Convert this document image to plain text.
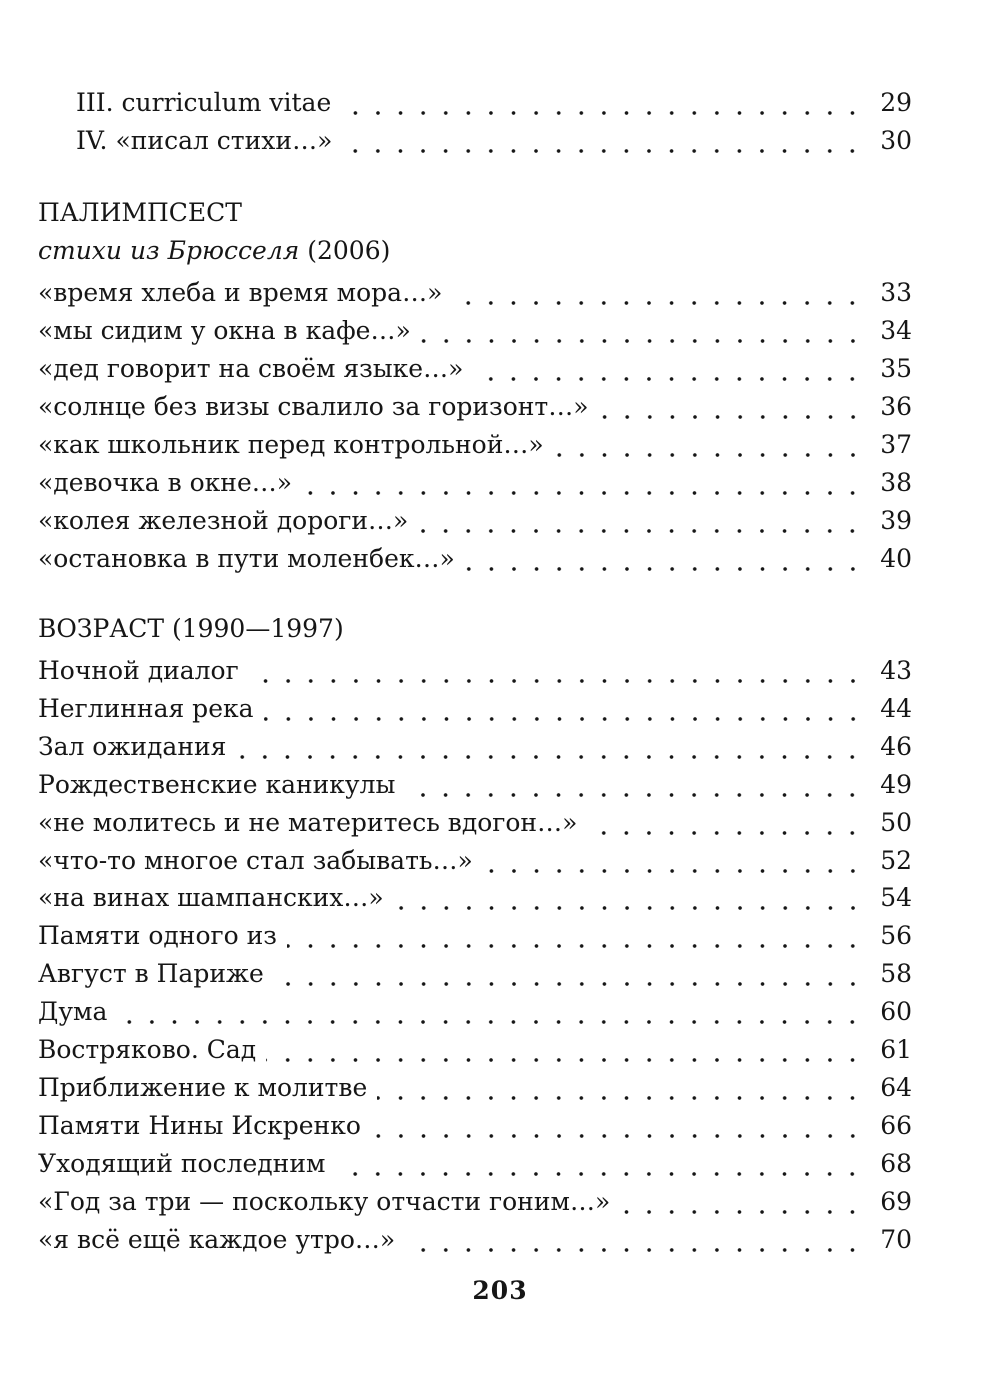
III. curriculum vitae	29
IV. «писал стихи…»	30
ПАЛИМПСЕСТ
стихи из Брюсселя (2006)
«время хлеба и время мора…»	33
«мы сидим у окна в кафе…»	34
«дед говорит на своём языке…»	35
«солнце без визы свалило за горизонт…»	36
«как школьник перед контрольной…»	37
«девочка в окне…»	38
«колея железной дороги…»	39
«остановка в пути моленбек…»	40
ВОЗРАСТ (1990—1997)
Ночной диалог	43
Неглинная река	44
Зал ожидания	46
Рождественские каникулы	49
«не молитесь и не материтесь вдогон…»	50
«что-то многое стал забывать…»	52
«на винах шампанских…»	54
Памяти одного из	56
Август в Париже	58
Дума	60
Востряково. Сад	61
Приближение к молитве	64
Памяти Нины Искренко	66
Уходящий последним	68
«Год за три — поскольку отчасти гоним…»	69
«я всё ещё каждое утро…»	70
203
